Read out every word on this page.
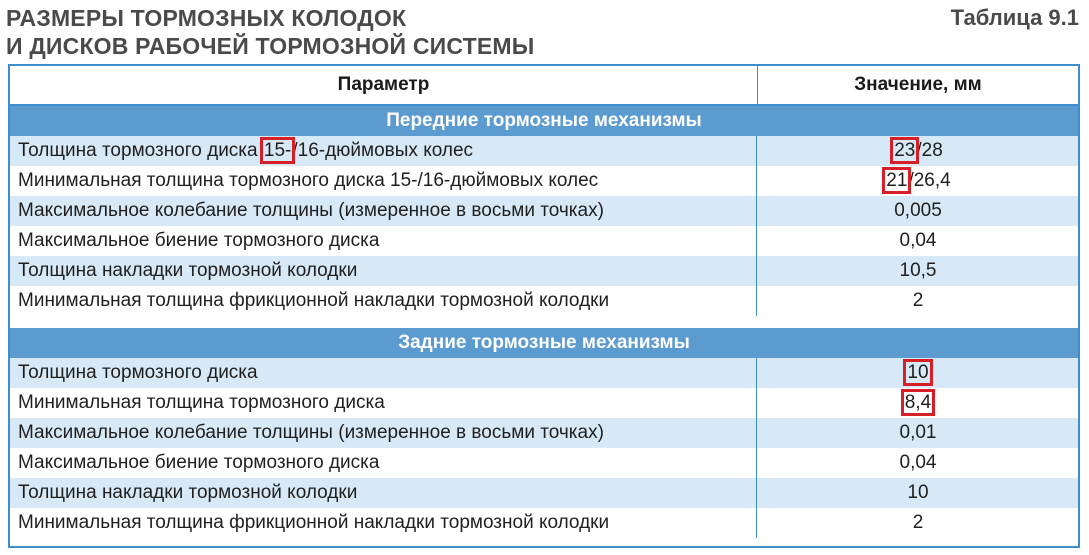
РАЗМЕРЫ ТОРМОЗНЫХ КОЛОДОК
И ДИСКОВ РАБОЧЕЙ ТОРМОЗНОЙ СИСТЕМЫ
Таблица 9.1
Параметр	Значение, мм
Передние тормозные механизмы
Толщина тормозного диска 15-/16-дюймовых колес	23/28
Минимальная толщина тормозного диска 15-/16-дюймовых колес	21/26,4
Максимальное колебание толщины (измеренное в восьми точках)	0,005
Максимальное биение тормозного диска	0,04
Толщина накладки тормозной колодки	10,5
Минимальная толщина фрикционной накладки тормозной колодки	2
Задние тормозные механизмы
Толщина тормозного диска	10
Минимальная толщина тормозного диска	8,4
Максимальное колебание толщины (измеренное в восьми точках)	0,01
Максимальное биение тормозного диска	0,04
Толщина накладки тормозной колодки	10
Минимальная толщина фрикционной накладки тормозной колодки	2
